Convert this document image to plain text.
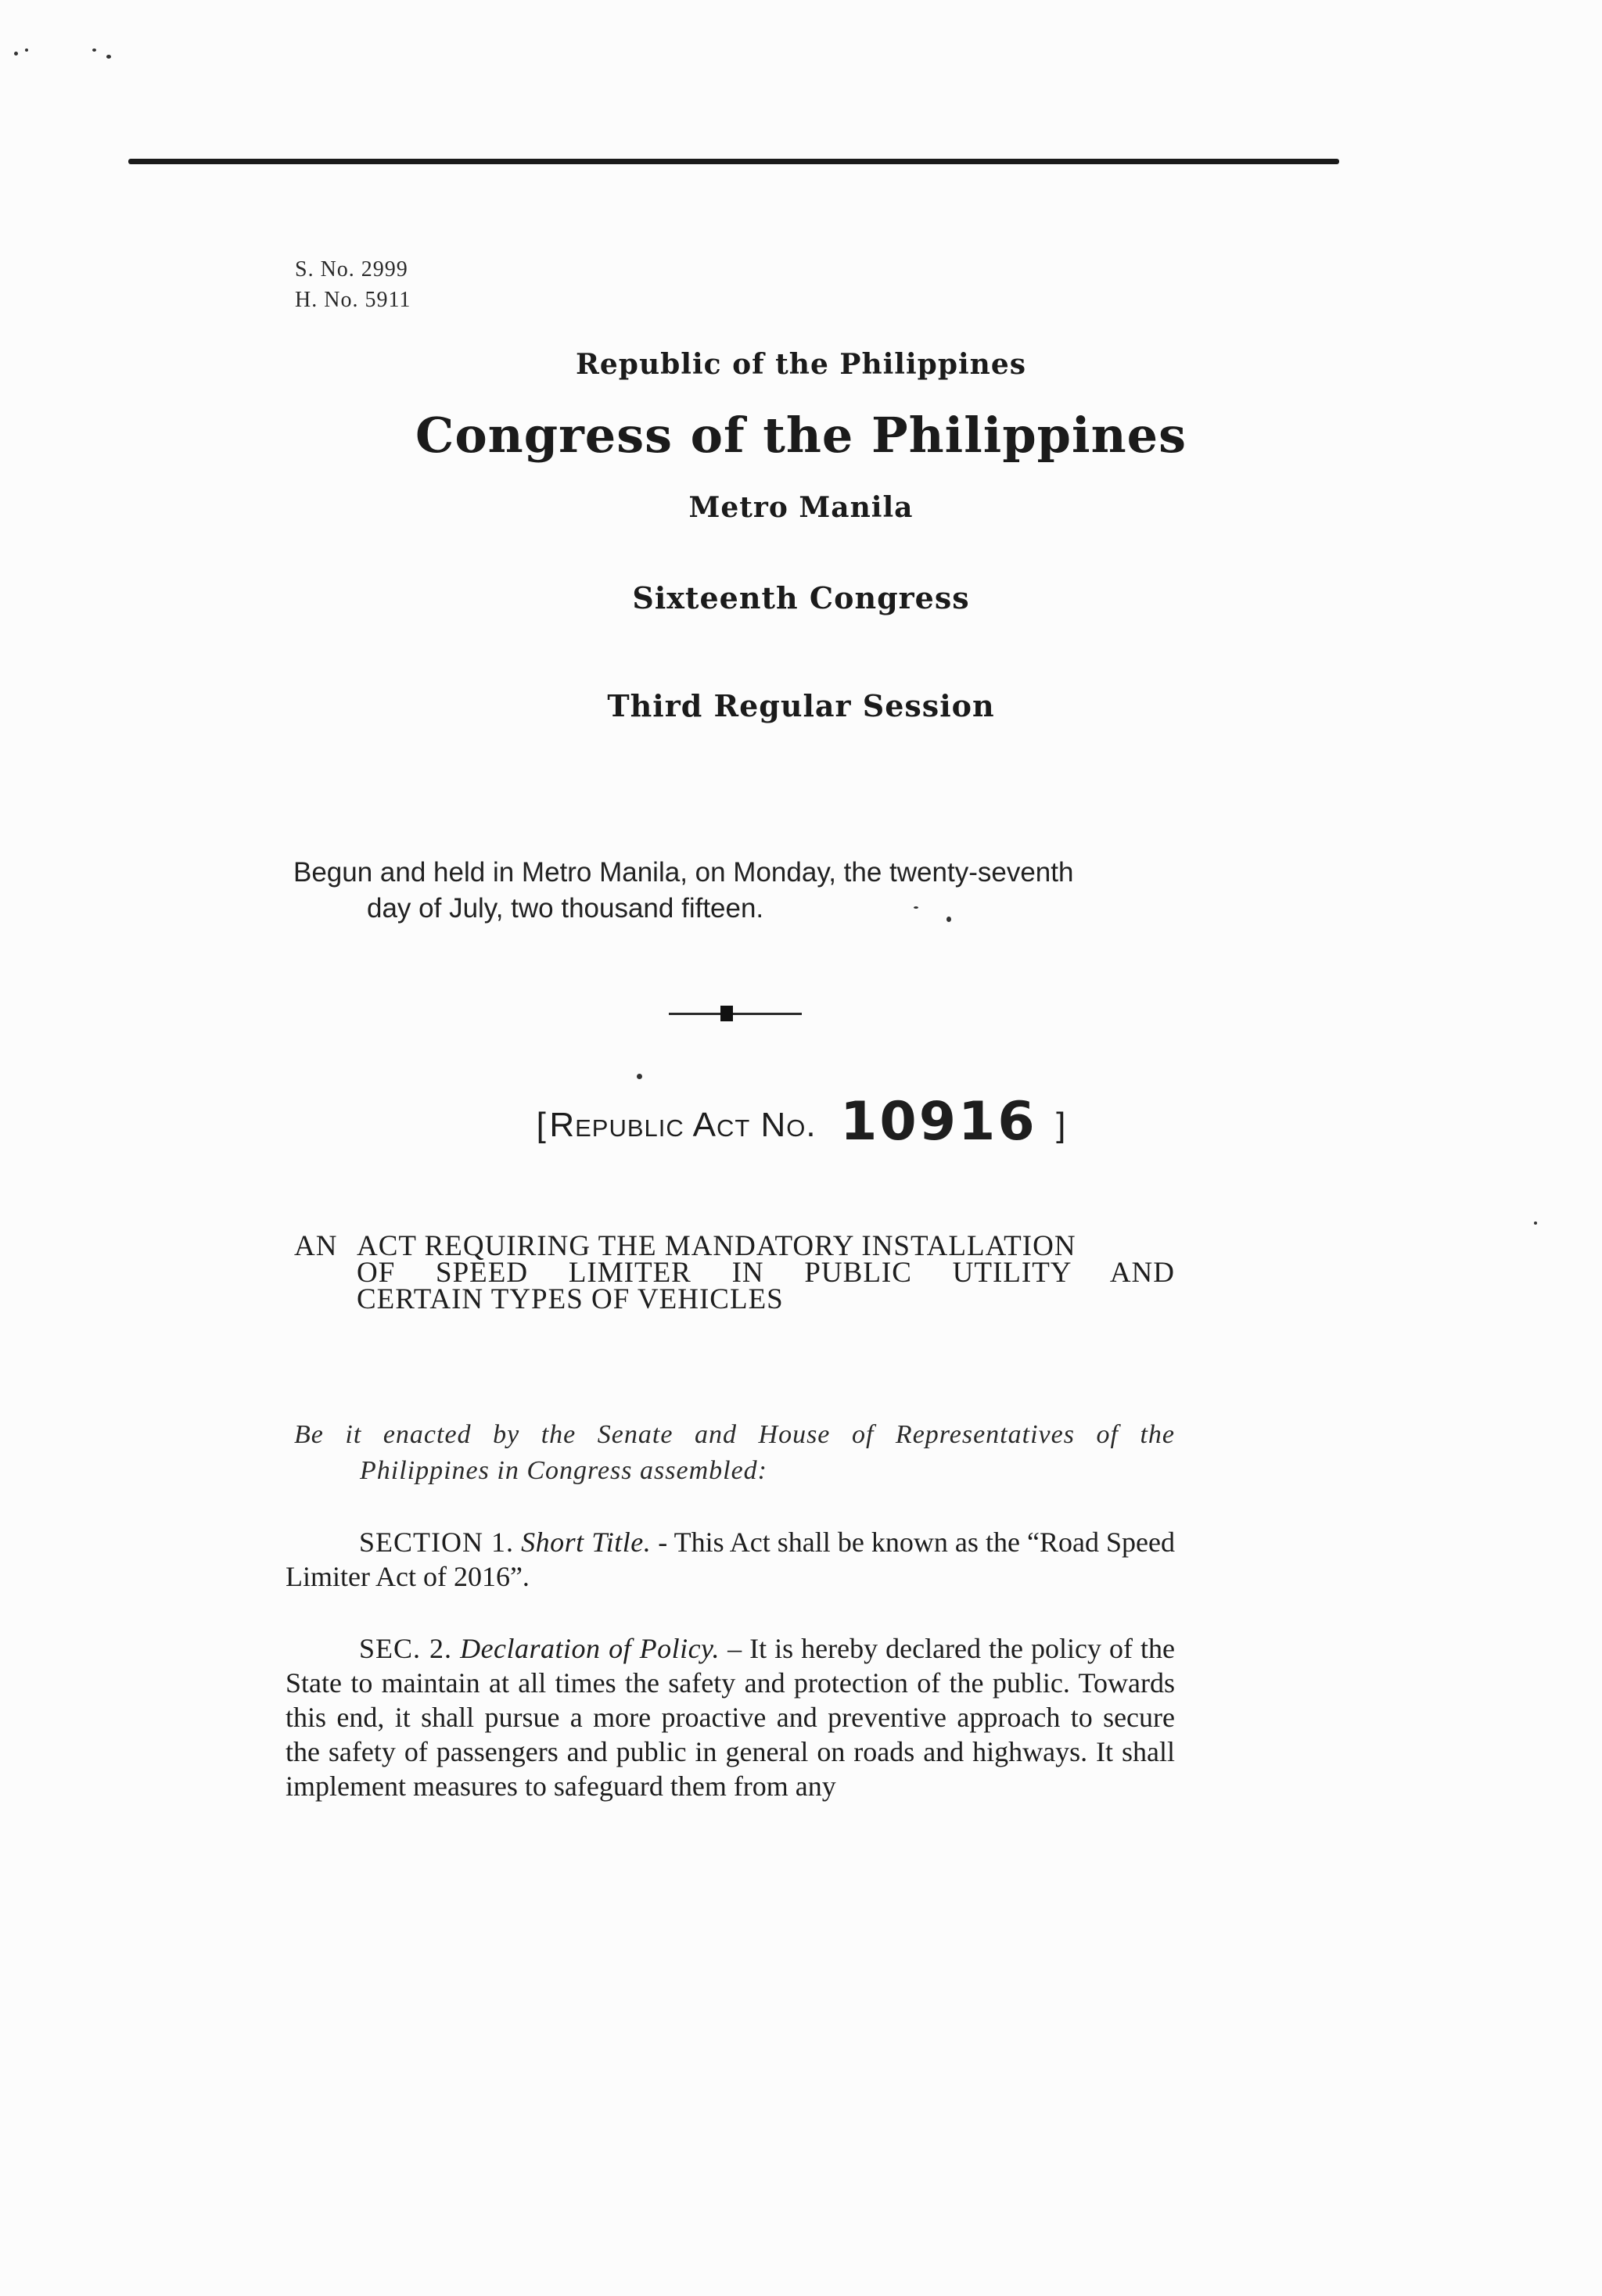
S. No. 2999
H. No. 5911
Republic of the Philippines
Congress of the Philippines
Metro Manila
Sixteenth Congress
Third Regular Session
Begun and held in Metro Manila, on Monday, the twenty-seventh
day of July, two thousand fifteen.
[ Republic Act No. 10916 ]
AN ACT REQUIRING THE MANDATORY INSTALLATION
OF SPEED LIMITER IN PUBLIC UTILITY AND
CERTAIN TYPES OF VEHICLES
Be it enacted by the Senate and House of Representatives of the
Philippines in Congress assembled:
SECTION 1. Short Title. - This Act shall be known as the “Road Speed Limiter Act of 2016”.
SEC. 2. Declaration of Policy. – It is hereby declared the policy of the State to maintain at all times the safety and protection of the public. Towards this end, it shall pursue a more proactive and preventive approach to secure the safety of passengers and public in general on roads and highways. It shall implement measures to safeguard them from any
